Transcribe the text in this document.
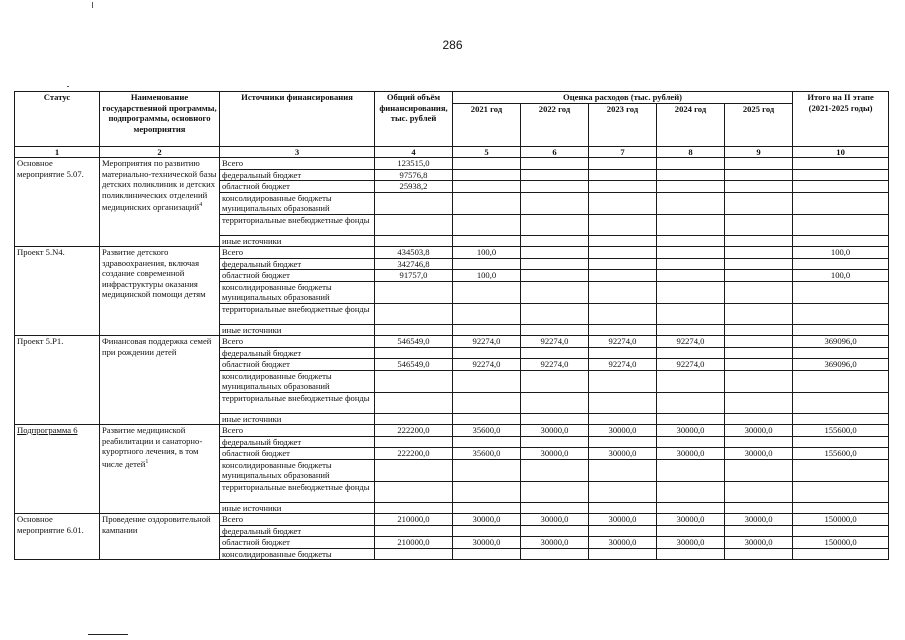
286
Статус	Наименование государственной программы, подпрограммы, основного мероприятия	Источники финансирования	Общий объём финансирования, тыс. рублей	Оценка расходов (тыс. рублей)					Итого на II этапе (2021-2025 годы)
				2021 год	2022 год	2023 год	2024 год	2025 год	
1	2	3	4	5	6	7	8	9	10
Основное мероприятие 5.07.	Мероприятия по развитию материально-технической базы детских поликлиник и детских поликлинических отделений медицинских организаций$^4$	Всего	123515,0						
		федеральный бюджет	97576,8						
		областной бюджет	25938,2						
		консолидированные бюджеты муниципальных образований							
		территориальные внебюджетные фонды							
		иные источники							
Проект 5.N4.	Развитие детского здравоохранения, включая создание современной инфраструктуры оказания медицинской помощи детям	Всего	434503,8	100,0					100,0
		федеральный бюджет	342746,8						
		областной бюджет	91757,0	100,0					100,0
		консолидированные бюджеты муниципальных образований							
		территориальные внебюджетные фонды							
		иные источники							
Проект 5.P1.	Финансовая поддержка семей при рождении детей	Всего	546549,0	92274,0	92274,0	92274,0	92274,0		369096,0
		федеральный бюджет							
		областной бюджет	546549,0	92274,0	92274,0	92274,0	92274,0		369096,0
		консолидированные бюджеты муниципальных образований							
		территориальные внебюджетные фонды							
		иные источники							
Подпрограмма 6	Развитие медицинской реабилитации и санаторно-курортного лечения, в том числе детей$^1$	Всего	222200,0	35600,0	30000,0	30000,0	30000,0	30000,0	155600,0
		федеральный бюджет							
		областной бюджет	222200,0	35600,0	30000,0	30000,0	30000,0	30000,0	155600,0
		консолидированные бюджеты муниципальных образований							
		территориальные внебюджетные фонды							
		иные источники							
Основное мероприятие 6.01.	Проведение оздоровительной кампании	Всего	210000,0	30000,0	30000,0	30000,0	30000,0	30000,0	150000,0
		федеральный бюджет							
		областной бюджет	210000,0	30000,0	30000,0	30000,0	30000,0	30000,0	150000,0
		консолидированные бюджеты							
